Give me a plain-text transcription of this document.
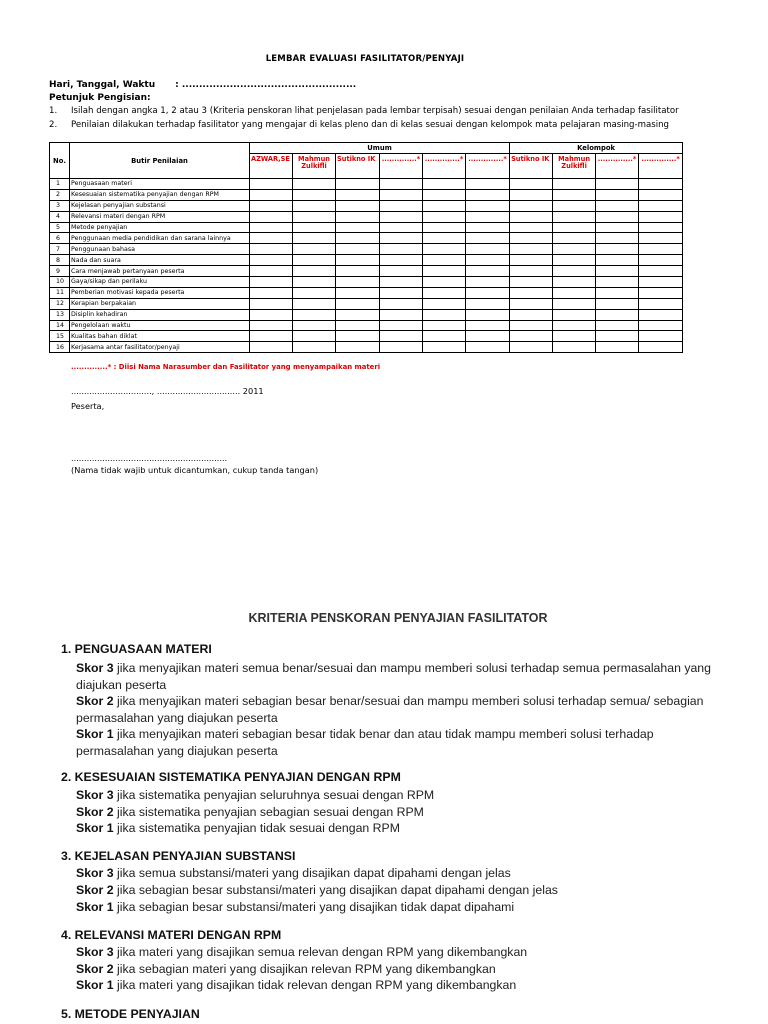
LEMBAR EVALUASI FASILITATOR/PENYAJI
Hari, Tanggal, Waktu : ...................................................
Petunjuk Pengisian:
1. Isilah dengan angka 1, 2 atau 3 (Kriteria penskoran lihat penjelasan pada lembar terpisah) sesuai dengan penilaian Anda terhadap fasilitator
2. Penilaian dilakukan terhadap fasilitator yang mengajar di kelas pleno dan di kelas sesuai dengan kelompok mata pelajaran masing-masing
No.	Butir Penilaian	Umum						Kelompok			
		AZWAR,SE	Mahmun Zulkifli	Sutikno IK	..............*	..............*	..............*	Sutikno IK	Mahmun Zulkifli	..............*	..............*
1	Penguasaan materi										
2	Kesesuaian sistematika penyajian dengan RPM										
3	Kejelasan penyajian substansi										
4	Relevansi materi dengan RPM										
5	Metode penyajian										
6	Penggunaan media pendidikan dan sarana lainnya										
7	Penggunaan bahasa										
8	Nada dan suara										
9	Cara menjawab pertanyaan peserta										
10	Gaya/sikap dan perilaku										
11	Pemberian motivasi kepada peserta										
12	Kerapian berpakaian										
13	Disiplin kehadiran										
14	Pengelolaan waktu										
15	Kualitas bahan diklat										
16	Kerjasama antar fasilitator/penyaji										
..............* : Diisi Nama Narasumber dan Fasilitator yang menyampaikan materi
..............................., ................................ 2011
Peserta,
............................................................
(Nama tidak wajib untuk dicantumkan, cukup tanda tangan)
KRITERIA PENSKORAN PENYAJIAN FASILITATOR
1. PENGUASAAN MATERI
Skor 3 jika menyajikan materi semua benar/sesuai dan mampu memberi solusi terhadap semua permasalahan yang diajukan peserta
Skor 2 jika menyajikan materi sebagian besar benar/sesuai dan mampu memberi solusi terhadap semua/ sebagian permasalahan yang diajukan peserta
Skor 1 jika menyajikan materi sebagian besar tidak benar dan atau tidak mampu memberi solusi terhadap permasalahan yang diajukan peserta
2. KESESUAIAN SISTEMATIKA PENYAJIAN DENGAN RPM
Skor 3 jika sistematika penyajian seluruhnya sesuai dengan RPM
Skor 2 jika sistematika penyajian sebagian sesuai dengan RPM
Skor 1 jika sistematika penyajian tidak sesuai dengan RPM
3. KEJELASAN PENYAJIAN SUBSTANSI
Skor 3 jika semua substansi/materi yang disajikan dapat dipahami dengan jelas
Skor 2 jika sebagian besar substansi/materi yang disajikan dapat dipahami dengan jelas
Skor 1 jika sebagian besar substansi/materi yang disajikan tidak dapat dipahami
4. RELEVANSI MATERI DENGAN RPM
Skor 3 jika materi yang disajikan semua relevan dengan RPM yang dikembangkan
Skor 2 jika sebagian materi yang disajikan relevan RPM yang dikembangkan
Skor 1 jika materi yang disajikan tidak relevan dengan RPM yang dikembangkan
5. METODE PENYAJIAN
